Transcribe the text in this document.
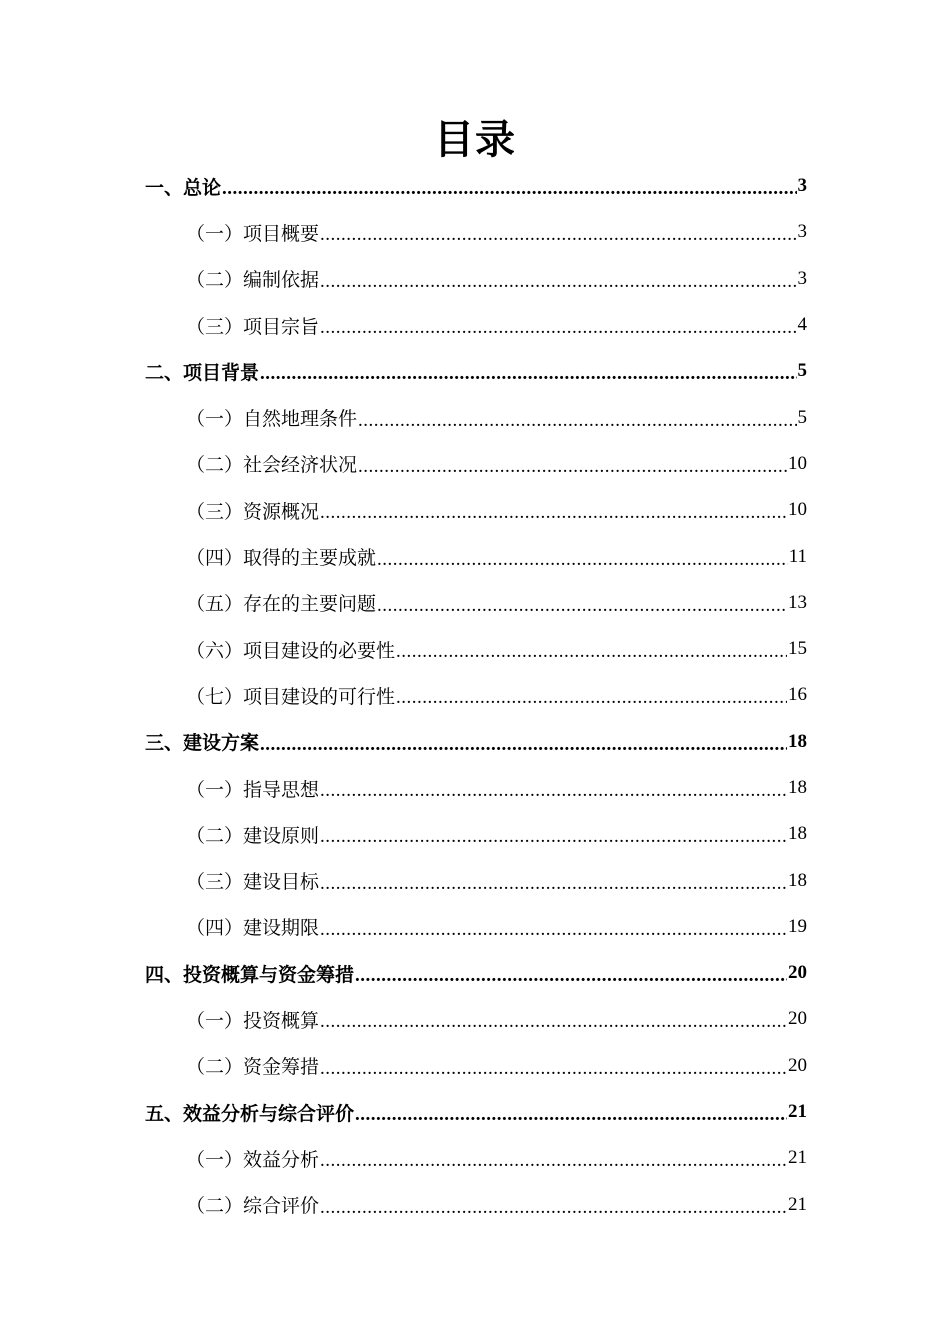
目录
一、总论 .....	3
（一）项目概要 .....	3
（二）编制依据 .....	3
（三）项目宗旨 .....	4
二、项目背景 .....	5
（一）自然地理条件 .....	5
（二）社会经济状况 .....	10
（三）资源概况 .....	10
（四）取得的主要成就 .....	11
（五）存在的主要问题 .....	13
（六）项目建设的必要性 .....	15
（七）项目建设的可行性 .....	16
三、建设方案 .....	18
（一）指导思想 .....	18
（二）建设原则 .....	18
（三）建设目标 .....	18
（四）建设期限 .....	19
四、投资概算与资金筹措 .....	20
（一）投资概算 .....	20
（二）资金筹措 .....	20
五、效益分析与综合评价 .....	21
（一）效益分析 .....	21
（二）综合评价 .....	21
